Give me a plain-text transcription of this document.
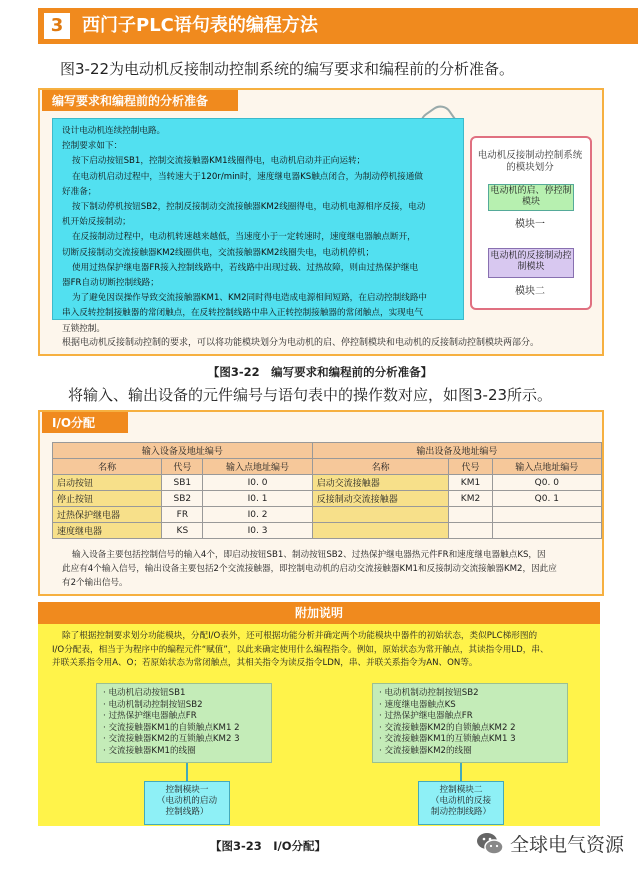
3	西门子PLC语句表的编程方法
图3-22为电动机反接制动控制系统的编写要求和编程前的分析准备。
编写要求和编程前的分析准备
设计电动机连续控制电路。
控制要求如下：
按下启动按钮SB1，控制交流接触器KM1线圈得电，电动机启动并正向运转；
在电动机启动过程中，当转速大于120r/min时，速度继电器KS触点闭合，为制动停机接通做
好准备；
按下制动停机按钮SB2，控制反接制动交流接触器KM2线圈得电，电动机电源相序反接，电动
机开始反接制动；
在反接制动过程中，电动机转速越来越低，当速度小于一定转速时，速度继电器触点断开，
切断反接制动交流接触器KM2线圈供电，交流接触器KM2线圈失电，电动机停机；
使用过热保护继电器FR接入控制线路中，若线路中出现过载、过热故障，则由过热保护继电
器FR自动切断控制线路；
为了避免因误操作导致交流接触器KM1、KM2同时得电造成电源相间短路，在启动控制线路中
串入反转控制接触器的常闭触点，在反转控制线路中串入正转控制接触器的常闭触点，实现电气
互锁控制。
电动机反接制动控制系统的模块划分
电动机的启、停控制模块
模块一
电动机的反接制动控制模块
模块二
根据电动机反接制动控制的要求，可以将功能模块划分为电动机的启、停控制模块和电动机的反接制动控制模块两部分。
【图3-22　编写要求和编程前的分析准备】
将输入、输出设备的元件编号与语句表中的操作数对应，如图3-23所示。
I/O分配
输入设备及地址编号			输出设备及地址编号		
名称	代号	输入点地址编号	名称	代号	输入点地址编号
启动按钮	SB1	I0. 0	启动交流接触器	KM1	Q0. 0
停止按钮	SB2	I0. 1	反接制动交流接触器	KM2	Q0. 1
过热保护继电器	FR	I0. 2			
速度继电器	KS	I0. 3			
输入设备主要包括控制信号的输入4个，即启动按钮SB1、制动按钮SB2、过热保护继电器热元件FR和速度继电器触点KS，因
此应有4个输入信号，输出设备主要包括2个交流接触器，即控制电动机的启动交流接触器KM1和反接制动交流接触器KM2，因此应
有2个输出信号。
附加说明
除了根据控制要求划分功能模块，分配I/O表外，还可根据功能分析并确定两个功能模块中器件的初始状态，类似PLC梯形图的
I/O分配表，相当于为程序中的编程元件“赋值”，以此来确定使用什么编程指令。例如，原始状态为常开触点，其读指令用LD，串、
并联关系指令用A、O；若原始状态为常闭触点，其相关指令为读反指令LDN，串、并联关系指令为AN、ON等。
· 电动机启动按钮SB1
· 电动机制动控制按钮SB2
· 过热保护继电器触点FR
· 交流接触器KM1的自锁触点KM1 2
· 交流接触器KM2的互锁触点KM2 3
· 交流接触器KM1的线圈
· 电动机制动控制按钮SB2
· 速度继电器触点KS
· 过热保护继电器触点FR
· 交流接触器KM2的自锁触点KM2 2
· 交流接触器KM1的互锁触点KM1 3
· 交流接触器KM2的线圈
控制模块一
（电动机的启动
控制线路）
控制模块二
（电动机的反接
制动控制线路）
【图3-23　I/O分配】	全球电气资源
